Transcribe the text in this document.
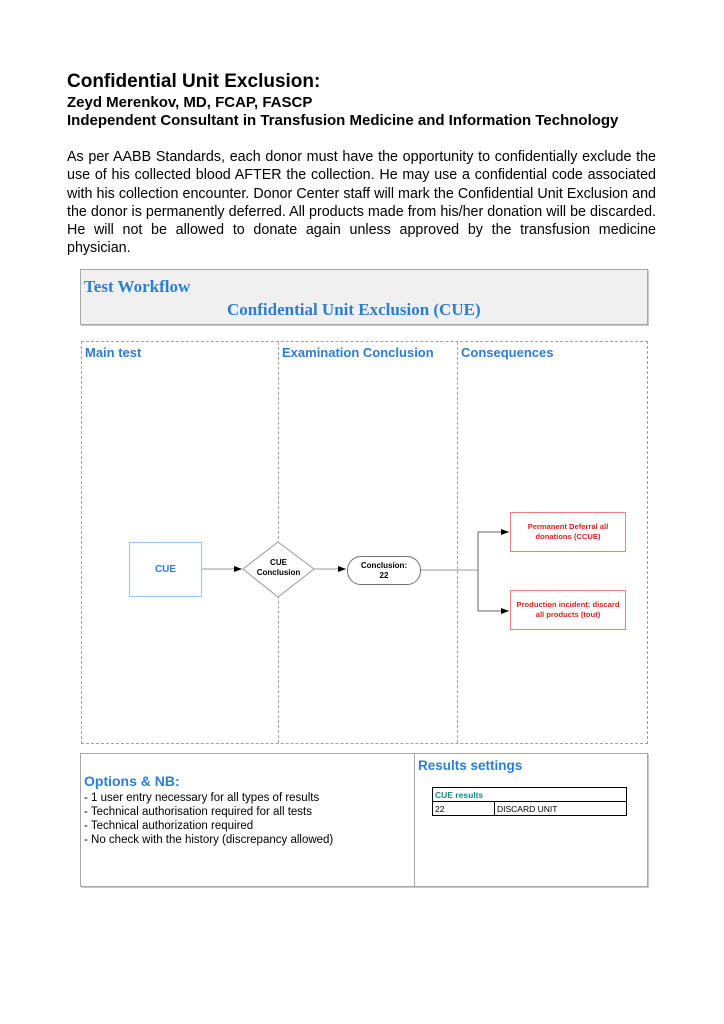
Confidential Unit Exclusion:
Zeyd Merenkov, MD, FCAP, FASCP
Independent Consultant in Transfusion Medicine and Information Technology
As per AABB Standards, each donor must have the opportunity to confidentially exclude the use of his collected blood AFTER the collection. He may use a confidential code associated with his collection encounter. Donor Center staff will mark the Confidential Unit Exclusion and the donor is permanently deferred. All products made from his/her donation will be discarded. He will not be allowed to donate again unless approved by the transfusion medicine physician.
Test Workflow
Confidential Unit Exclusion (CUE)
Main test	Examination Conclusion Consequences
CUE
CUE
Conclusion
Conclusion:
22
Permanent Deferral all donations (CCUE)
Production incident: discard all products (tout)
Options & NB:
- 1 user entry necessary for all types of results
- Technical authorisation required for all tests
- Technical authorization required
- No check with the history (discrepancy allowed)
Results settings
CUE results
22	DISCARD UNIT
